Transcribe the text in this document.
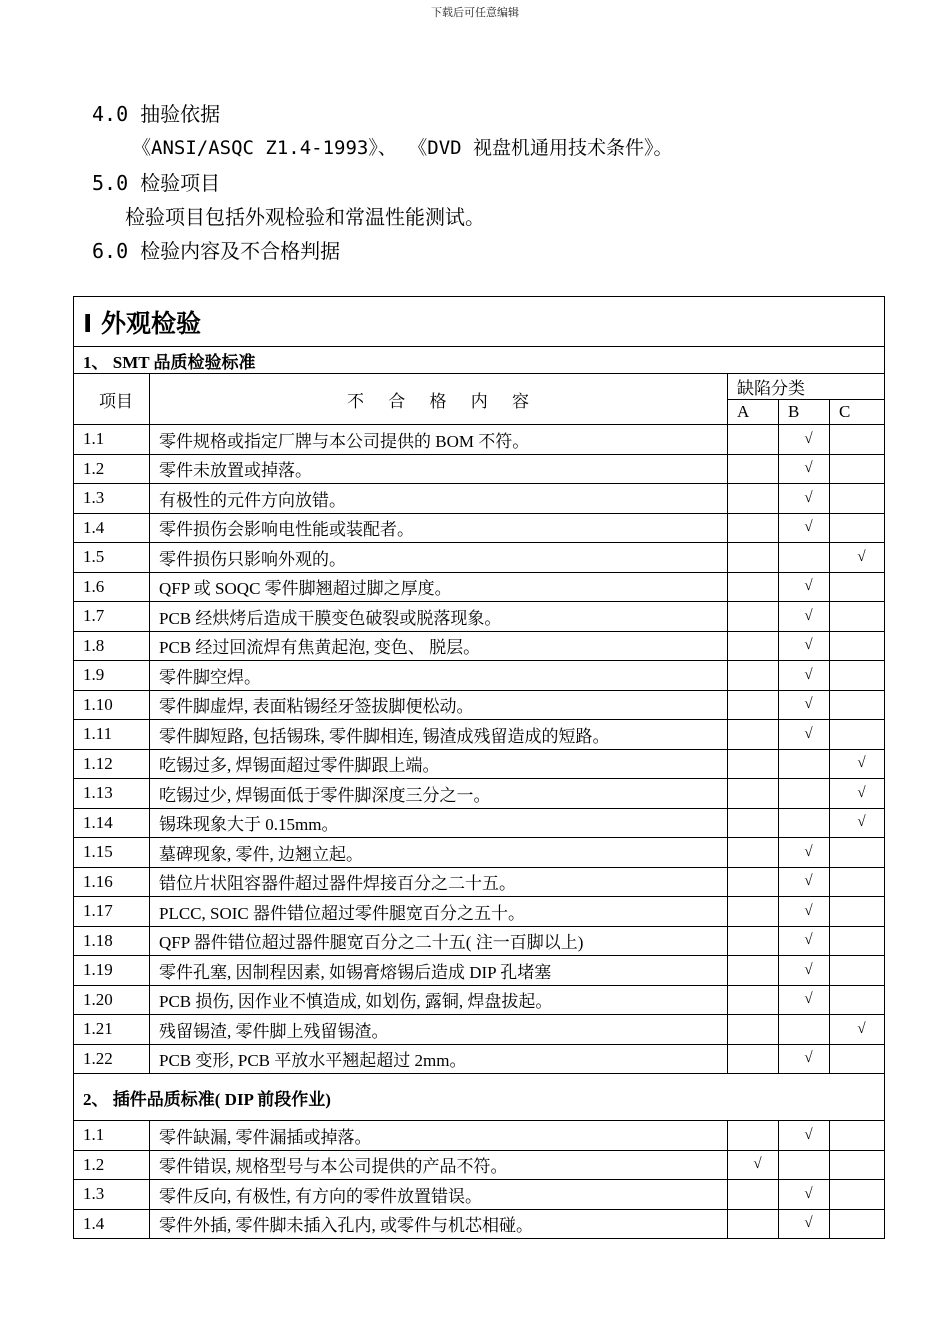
下载后可任意编辑
4.0 抽验依据
《ANSI/ASQC Z1.4-1993》、 《DVD 视盘机通用技术条件》。
5.0 检验项目
检验项目包括外观检验和常温性能测试。
6.0 检验内容及不合格判据
Ⅰ 外观检验				
1、 SMT 品质检验标准				
项目	不 合 格 内 容	缺陷分类		
		A	B	C
1.1	零件规格或指定厂牌与本公司提供的 BOM 不符。		√	
1.2	零件未放置或掉落。		√	
1.3	有极性的元件方向放错。		√	
1.4	零件损伤会影响电性能或装配者。		√	
1.5	零件损伤只影响外观的。			√
1.6	QFP 或 SOQC 零件脚翘超过脚之厚度。		√	
1.7	PCB 经烘烤后造成干膜变色破裂或脱落现象。		√	
1.8	PCB 经过回流焊有焦黄起泡, 变色、 脱层。		√	
1.9	零件脚空焊。		√	
1.10	零件脚虚焊, 表面粘锡经牙签拔脚便松动。		√	
1.11	零件脚短路, 包括锡珠, 零件脚相连, 锡渣成残留造成的短路。		√	
1.12	吃锡过多, 焊锡面超过零件脚跟上端。			√
1.13	吃锡过少, 焊锡面低于零件脚深度三分之一。			√
1.14	锡珠现象大于 0.15mm。			√
1.15	墓碑现象, 零件, 边翘立起。		√	
1.16	错位片状阻容器件超过器件焊接百分之二十五。		√	
1.17	PLCC, SOIC 器件错位超过零件腿宽百分之五十。		√	
1.18	QFP 器件错位超过器件腿宽百分之二十五( 注一百脚以上)		√	
1.19	零件孔塞, 因制程因素, 如锡膏熔锡后造成 DIP 孔堵塞		√	
1.20	PCB 损伤, 因作业不慎造成, 如划伤, 露铜, 焊盘拔起。		√	
1.21	残留锡渣, 零件脚上残留锡渣。			√
1.22	PCB 变形, PCB 平放水平翘起超过 2mm。		√	
2、 插件品质标准( DIP 前段作业)				
1.1	零件缺漏, 零件漏插或掉落。		√	
1.2	零件错误, 规格型号与本公司提供的产品不符。	√		
1.3	零件反向, 有极性, 有方向的零件放置错误。		√	
1.4	零件外插, 零件脚未插入孔内, 或零件与机芯相碰。		√	
